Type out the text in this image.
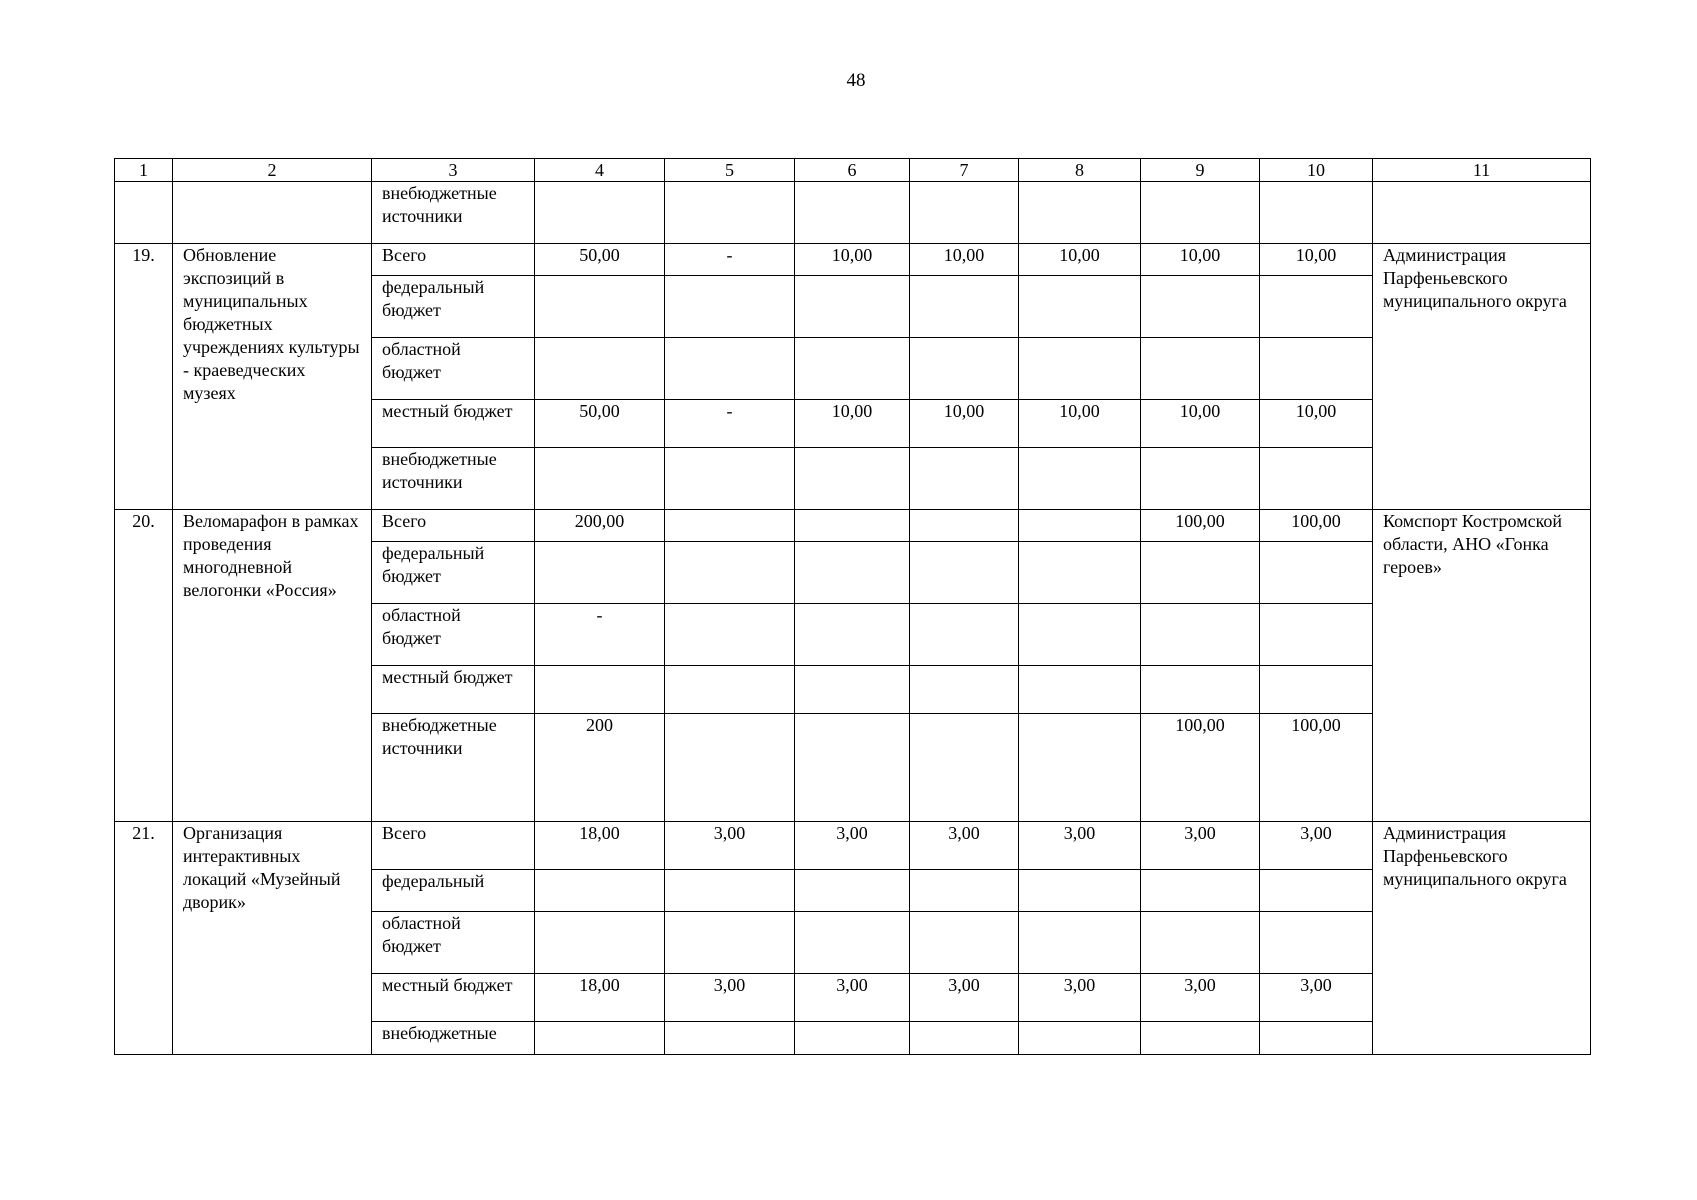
48
1	2	3	4	5	6	7	8	9	10	11
		внебюджетные источники								
19.	Обновление экспозиций в муниципальных бюджетных учреждениях культуры - краеведческих музеях	Всего	50,00	-	10,00	10,00	10,00	10,00	10,00	Администрация Парфеньевского муниципального округа
		федеральный бюджет								
		областной бюджет								
		местный бюджет	50,00	-	10,00	10,00	10,00	10,00	10,00	
		внебюджетные источники								
20.	Веломарафон в рамках проведения многодневной велогонки «Россия»	Всего	200,00					100,00	100,00	Комспорт Костромской области, АНО «Гонка героев»
		федеральный бюджет								
		областной бюджет	-							
		местный бюджет								
		внебюджетные источники	200					100,00	100,00	
21.	Организация интерактивных локаций «Музейный дворик»	Всего	18,00	3,00	3,00	3,00	3,00	3,00	3,00	Администрация Парфеньевского муниципального округа
		федеральный								
		областной бюджет								
		местный бюджет	18,00	3,00	3,00	3,00	3,00	3,00	3,00	
		внебюджетные								
